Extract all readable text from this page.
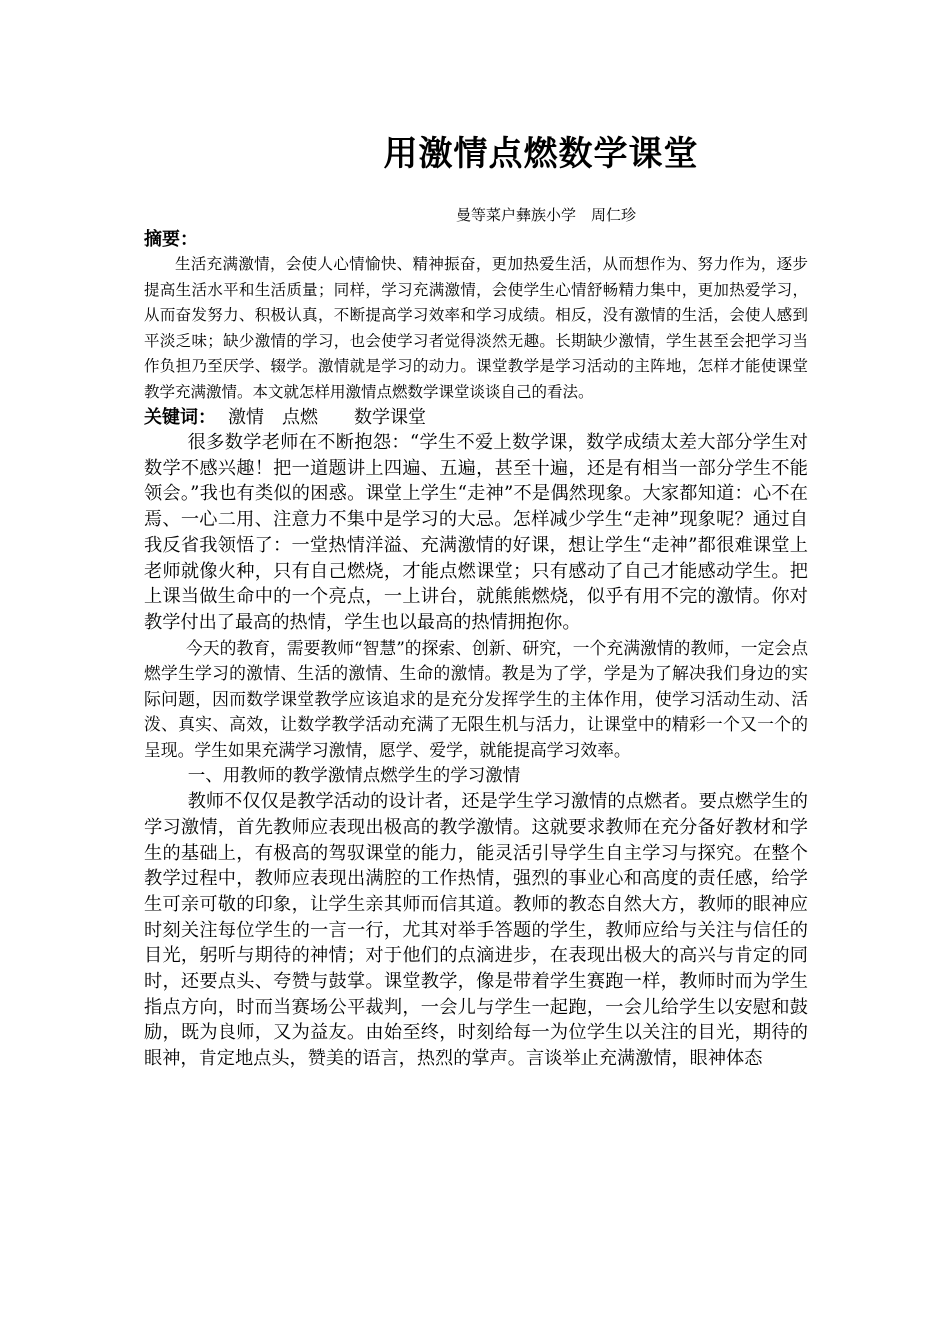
用激情点燃数学课堂
曼等菜户彝族小学　周仁珍
摘要：

生活充满激情，会使人心情愉快、精神振奋，更加热爱生活，从而想作为、努力作为，逐步提高生活水平和生活质量；同样，学习充满激情，会使学生心情舒畅精力集中，更加热爱学习，从而奋发努力、积极认真，不断提高学习效率和学习成绩。相反，没有激情的生活，会使人感到平淡乏味；缺少激情的学习，也会使学习者觉得淡然无趣。长期缺少激情，学生甚至会把学习当作负担乃至厌学、辍学。激情就是学习的动力。课堂教学是学习活动的主阵地，怎样才能使课堂教学充满激情。本文就怎样用激情点燃数学课堂谈谈自己的看法。

关键词： 激情　点燃　　数学课堂

很多数学老师在不断抱怨：“学生不爱上数学课，数学成绩太差大部分学生对数学不感兴趣！把一道题讲上四遍、五遍，甚至十遍，还是有相当一部分学生不能领会。”我也有类似的困惑。课堂上学生“走神”不是偶然现象。大家都知道：心不在焉、一心二用、注意力不集中是学习的大忌。怎样减少学生“走神”现象呢？通过自我反省我领悟了：一堂热情洋溢、充满激情的好课，想让学生“走神”都很难课堂上老师就像火种，只有自己燃烧，才能点燃课堂；只有感动了自己才能感动学生。把上课当做生命中的一个亮点，一上讲台，就熊熊燃烧，似乎有用不完的激情。你对教学付出了最高的热情，学生也以最高的热情拥抱你。

今天的教育，需要教师“智慧”的探索、创新、研究，一个充满激情的教师，一定会点燃学生学习的激情、生活的激情、生命的激情。教是为了学，学是为了解决我们身边的实际问题，因而数学课堂教学应该追求的是充分发挥学生的主体作用，使学习活动生动、活泼、真实、高效，让数学教学活动充满了无限生机与活力，让课堂中的精彩一个又一个的呈现。学生如果充满学习激情，愿学、爱学，就能提高学习效率。

一、用教师的教学激情点燃学生的学习激情

教师不仅仅是教学活动的设计者，还是学生学习激情的点燃者。要点燃学生的学习激情，首先教师应表现出极高的教学激情。这就要求教师在充分备好教材和学生的基础上，有极高的驾驭课堂的能力，能灵活引导学生自主学习与探究。在整个教学过程中，教师应表现出满腔的工作热情，强烈的事业心和高度的责任感，给学生可亲可敬的印象，让学生亲其师而信其道。教师的教态自然大方，教师的眼神应时刻关注每位学生的一言一行，尤其对举手答题的学生，教师应给与关注与信任的目光，躬听与期待的神情；对于他们的点滴进步，在表现出极大的高兴与肯定的同时，还要点头、夸赞与鼓掌。课堂教学，像是带着学生赛跑一样，教师时而为学生指点方向，时而当赛场公平裁判，一会儿与学生一起跑，一会儿给学生以安慰和鼓励，既为良师，又为益友。由始至终，时刻给每一为位学生以关注的目光，期待的眼神，肯定地点头，赞美的语言，热烈的掌声。言谈举止充满激情，眼神体态
